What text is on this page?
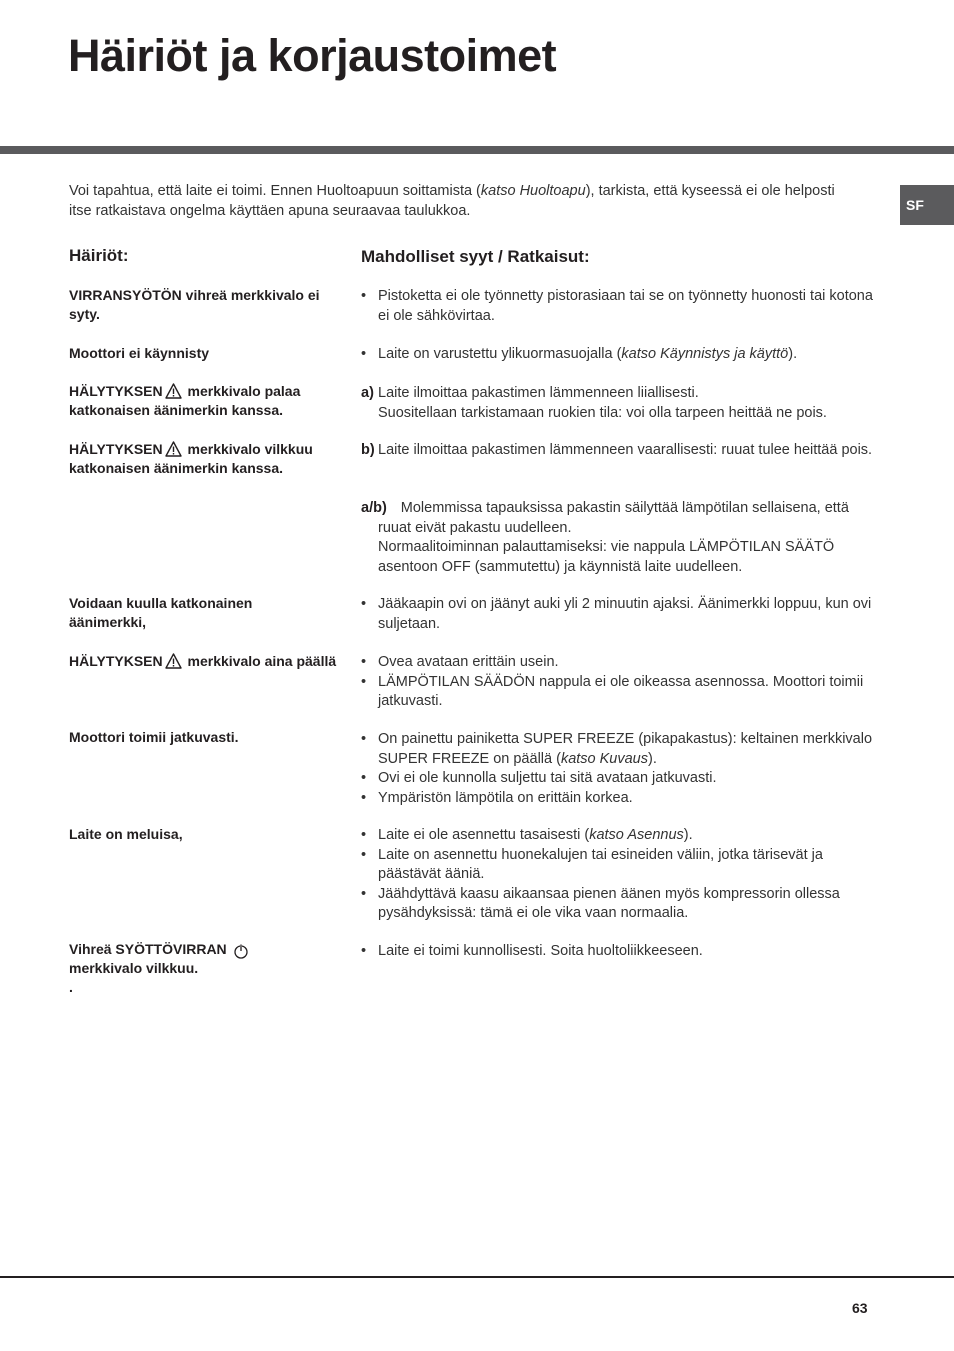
Häiriöt ja korjaustoimet
SF
Voi tapahtua, että laite ei toimi. Ennen Huoltoapuun soittamista (katso Huoltoapu), tarkista, että kyseessä ei ole helposti itse ratkaistava ongelma käyttäen apuna seuraavaa taulukkoa.
Häiriöt:	Mahdolliset syyt / Ratkaisut:
VIRRANSYÖTÖN vihreä merkkivalo ei syty.
Moottori ei käynnisty
HÄLYTYKSEN merkkivalo palaa katkonaisen äänimerkin kanssa.
HÄLYTYKSEN merkkivalo vilkkuu katkonaisen äänimerkin kanssa.
Voidaan kuulla katkonainen äänimerkki,
HÄLYTYKSEN merkkivalo aina päällä
Moottori toimii jatkuvasti.
Laite on meluisa,
Vihreä SYÖTTÖVIRRAN
merkkivalo vilkkuu.
.

• Pistoketta ei ole työnnetty pistorasiaan tai se on työnnetty huonosti tai kotona ei ole sähkövirtaa.

• Laite on varustettu ylikuormasuojalla (katso Käynnistys ja käyttö).

a) Laite ilmoittaa pakastimen lämmenneen liiallisesti.
Suositellaan tarkistamaan ruokien tila: voi olla tarpeen heittää ne pois.
b) Laite ilmoittaa pakastimen lämmenneen vaarallisesti: ruuat tulee heittää pois.
a/b) Molemmissa tapauksissa pakastin säilyttää lämpötilan sellaisena, että ruuat eivät pakastu uudelleen.
Normaalitoiminnan palauttamiseksi: vie nappula LÄMPÖTILAN SÄÄTÖ asentoon OFF (sammutettu) ja käynnistä laite uudelleen.

• Jääkaapin ovi on jäänyt auki yli 2 minuutin ajaksi. Äänimerkki loppuu, kun ovi suljetaan.

• Ovea avataan erittäin usein.

• LÄMPÖTILAN SÄÄDÖN nappula ei ole oikeassa asennossa. Moottori toimii jatkuvasti.

• On painettu painiketta SUPER FREEZE (pikapakastus): keltainen merkkivalo SUPER FREEZE on päällä (katso Kuvaus).

• Ovi ei ole kunnolla suljettu tai sitä avataan jatkuvasti.

• Ympäristön lämpötila on erittäin korkea.

• Laite ei ole asennettu tasaisesti (katso Asennus).

• Laite on asennettu huonekalujen tai esineiden väliin, jotka tärisevät ja päästävät ääniä.

• Jäähdyttävä kaasu aikaansaa pienen äänen myös kompressorin ollessa pysähdyksissä: tämä ei ole vika vaan normaalia.

• Laite ei toimi kunnollisesti. Soita huoltoliikkeeseen.

63
